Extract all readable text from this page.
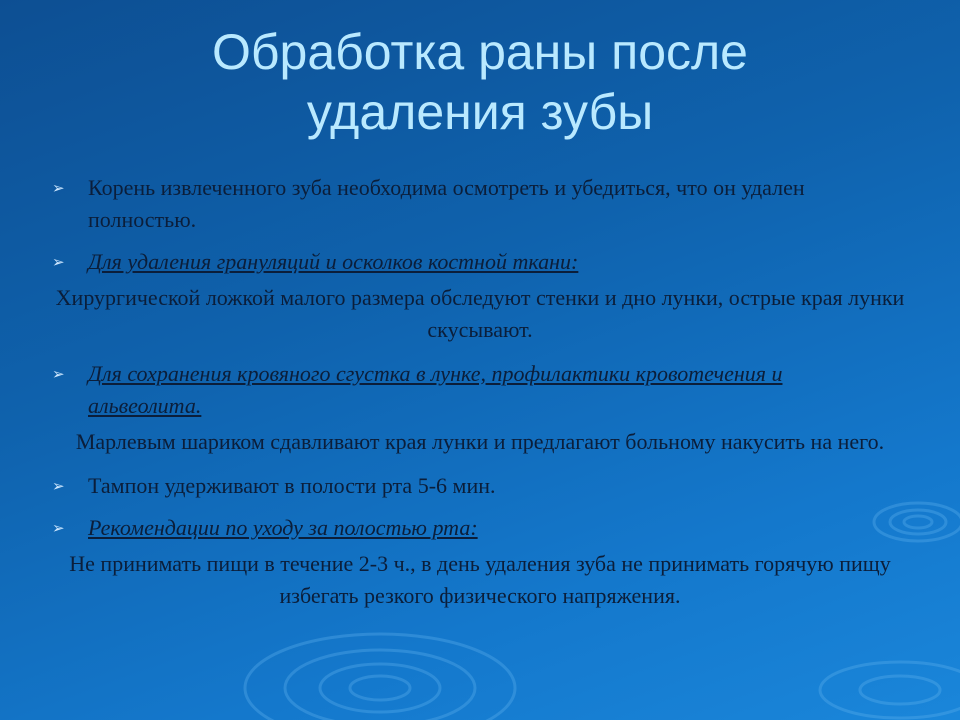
Обработка раны после
удаления зубы
➢ Корень извлеченного зуба необходима осмотреть и убедиться, что он удален полностью.
➢ Для удаления грануляций и осколков костной ткани:
Хирургической ложкой малого размера обследуют стенки и дно лунки, острые края лунки скусывают.
➢ Для сохранения кровяного сгустка в лунке, профилактики кровотечения и альвеолита.
Марлевым шариком сдавливают края лунки и предлагают больному накусить на него.
➢ Тампон удерживают в полости рта 5-6 мин.
➢ Рекомендации по уходу за полостью рта:
Не принимать пищи в течение 2-3 ч., в день удаления зуба не принимать горячую пищу избегать резкого физического напряжения.
